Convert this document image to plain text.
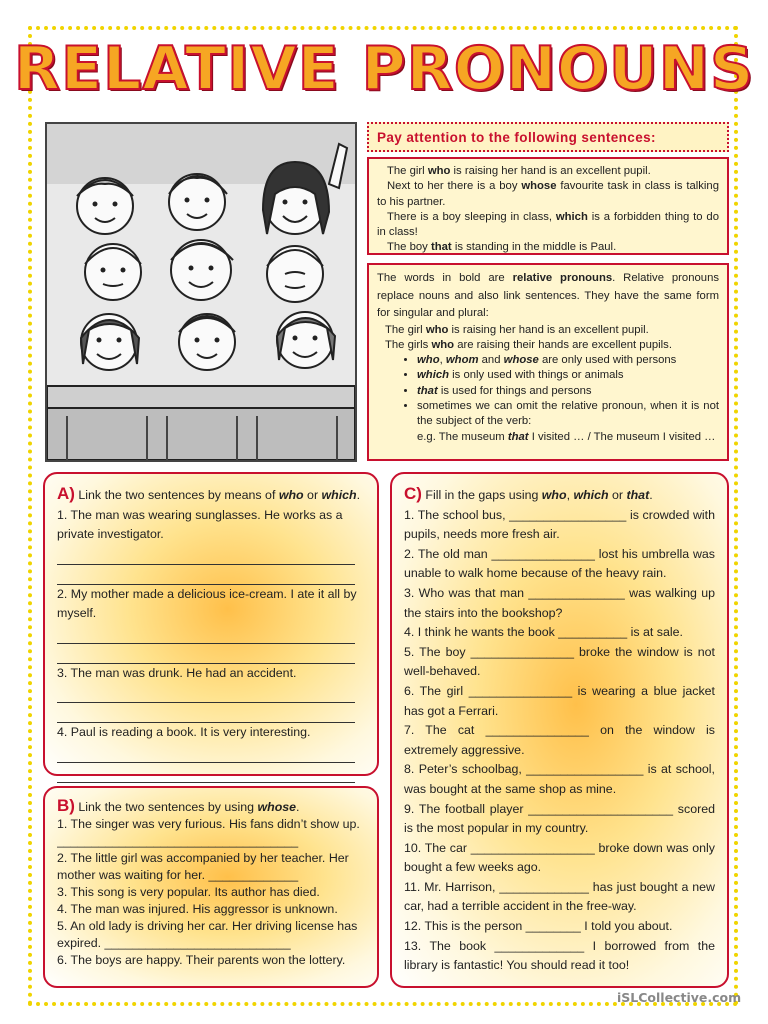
RELATIVE PRONOUNS
Pay attention to the following sentences:

The girl who is raising her hand is an excellent pupil.

Next to her there is a boy whose favourite task in class is talking to his partner.

There is a boy sleeping in class, which is a forbidden thing to do in class!

The boy that is standing in the middle is Paul.

The words in bold are relative pronouns. Relative pronouns replace nouns and also link sentences. They have the same form for singular and plural:

The girl who is raising her hand is an excellent pupil.

The girls who are raising their hands are excellent pupils.

• who, whom and whose are only used with persons
• which is only used with things or animals
• that is used for things and persons
• sometimes we can omit the relative pronoun, when it is not the subject of the verb:
e.g. The museum that I visited … / The museum I visited …

A) Link the two sentences by means of who or which.

1. The man was wearing sunglasses. He works as a private investigator.

2. My mother made a delicious ice-cream. I ate it all by myself.

3. The man was drunk. He had an accident.

4. Paul is reading a book. It is very interesting.

B) Link the two sentences by using whose.

1. The singer was very furious. His fans didn’t show up. ___________________________________

2. The little girl was accompanied by her teacher. Her mother was waiting for her. _____________

3. This song is very popular. Its author has died.

4. The man was injured. His aggressor is unknown.

5. An old lady is driving her car. Her driving license has expired. ___________________________

6. The boys are happy. Their parents won the lottery.

C) Fill in the gaps using who, which or that.

1. The school bus, _________________ is crowded with pupils, needs more fresh air.

2. The old man _______________ lost his umbrella was unable to walk home because of the heavy rain.

3. Who was that man ______________ was walking up the stairs into the bookshop?

4. I think he wants the book __________ is at sale.

5. The boy _______________ broke the window is not well-behaved.

6. The girl _______________ is wearing a blue jacket has got a Ferrari.

7. The cat _______________ on the window is extremely aggressive.

8. Peter’s schoolbag, _________________ is at school, was bought at the same shop as mine.

9. The football player _____________________ scored is the most popular in my country.

10. The car __________________ broke down was only bought a few weeks ago.

11. Mr. Harrison, _____________ has just bought a new car, had a terrible accident in the free-way.

12. This is the person ________ I told you about.

13. The book _____________ I borrowed from the library is fantastic! You should read it too!

iSLCollective.com
